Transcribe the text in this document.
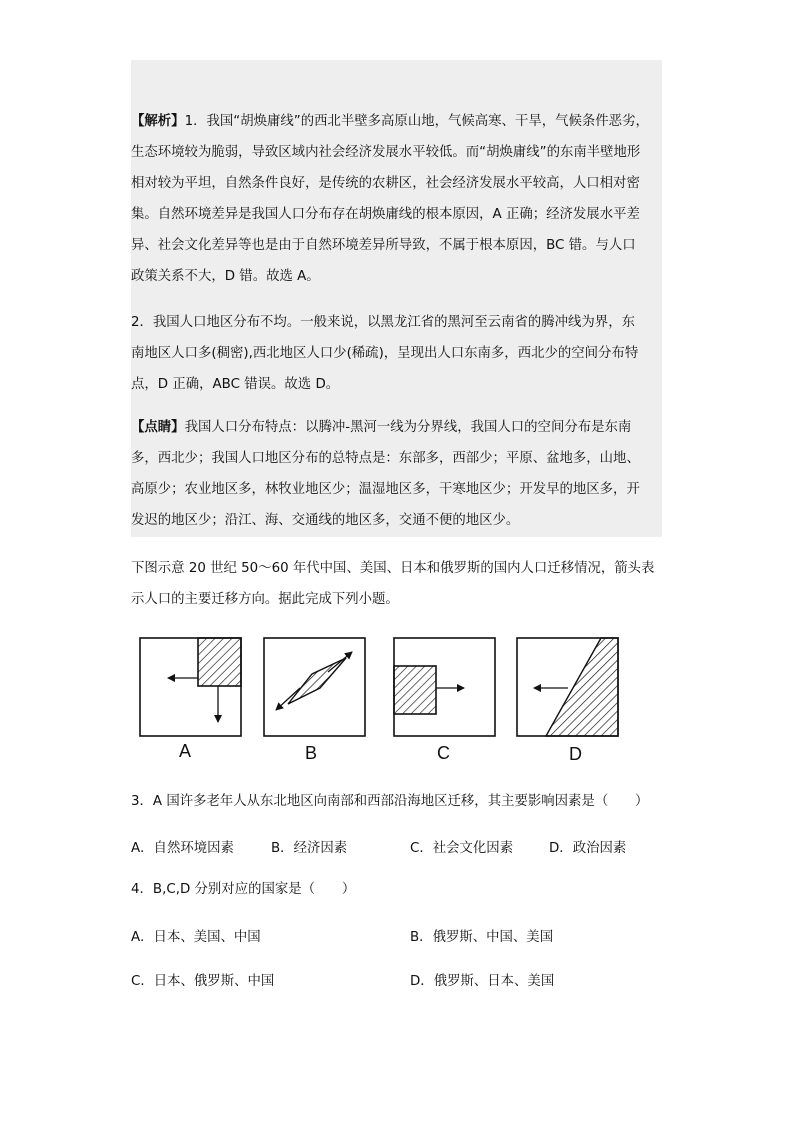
【解析】1．我国“胡焕庸线”的西北半壁多高原山地，气候高寒、干旱，气候条件恶劣，
生态环境较为脆弱，导致区域内社会经济发展水平较低。而“胡焕庸线”的东南半壁地形
相对较为平坦，自然条件良好，是传统的农耕区，社会经济发展水平较高，人口相对密
集。自然环境差异是我国人口分布存在胡焕庸线的根本原因，A 正确；经济发展水平差
异、社会文化差异等也是由于自然环境差异所导致，不属于根本原因，BC 错。与人口
政策关系不大，D 错。故选 A。
2．我国人口地区分布不均。一般来说，以黑龙江省的黑河至云南省的腾冲线为界，东
南地区人口多(稠密),西北地区人口少(稀疏)，呈现出人口东南多，西北少的空间分布特
点，D 正确，ABC 错误。故选 D。
【点睛】我国人口分布特点：以腾冲-黑河一线为分界线，我国人口的空间分布是东南
多，西北少；我国人口地区分布的总特点是：东部多，西部少；平原、盆地多，山地、
高原少；农业地区多，林牧业地区少；温湿地区多，干寒地区少；开发早的地区多，开
发迟的地区少；沿江、海、交通线的地区多，交通不便的地区少。
下图示意 20 世纪 50～60 年代中国、美国、日本和俄罗斯的国内人口迁移情况，箭头表
示人口的主要迁移方向。据此完成下列小题。
A	B	C	D
3．A 国许多老年人从东北地区向南部和西部沿海地区迁移，其主要影响因素是（　　）
A．自然环境因素	B．经济因素	C．社会文化因素	D．政治因素
4．B,C,D 分别对应的国家是（　　）
A．日本、美国、中国	B．俄罗斯、中国、美国
C．日本、俄罗斯、中国	D．俄罗斯、日本、美国
